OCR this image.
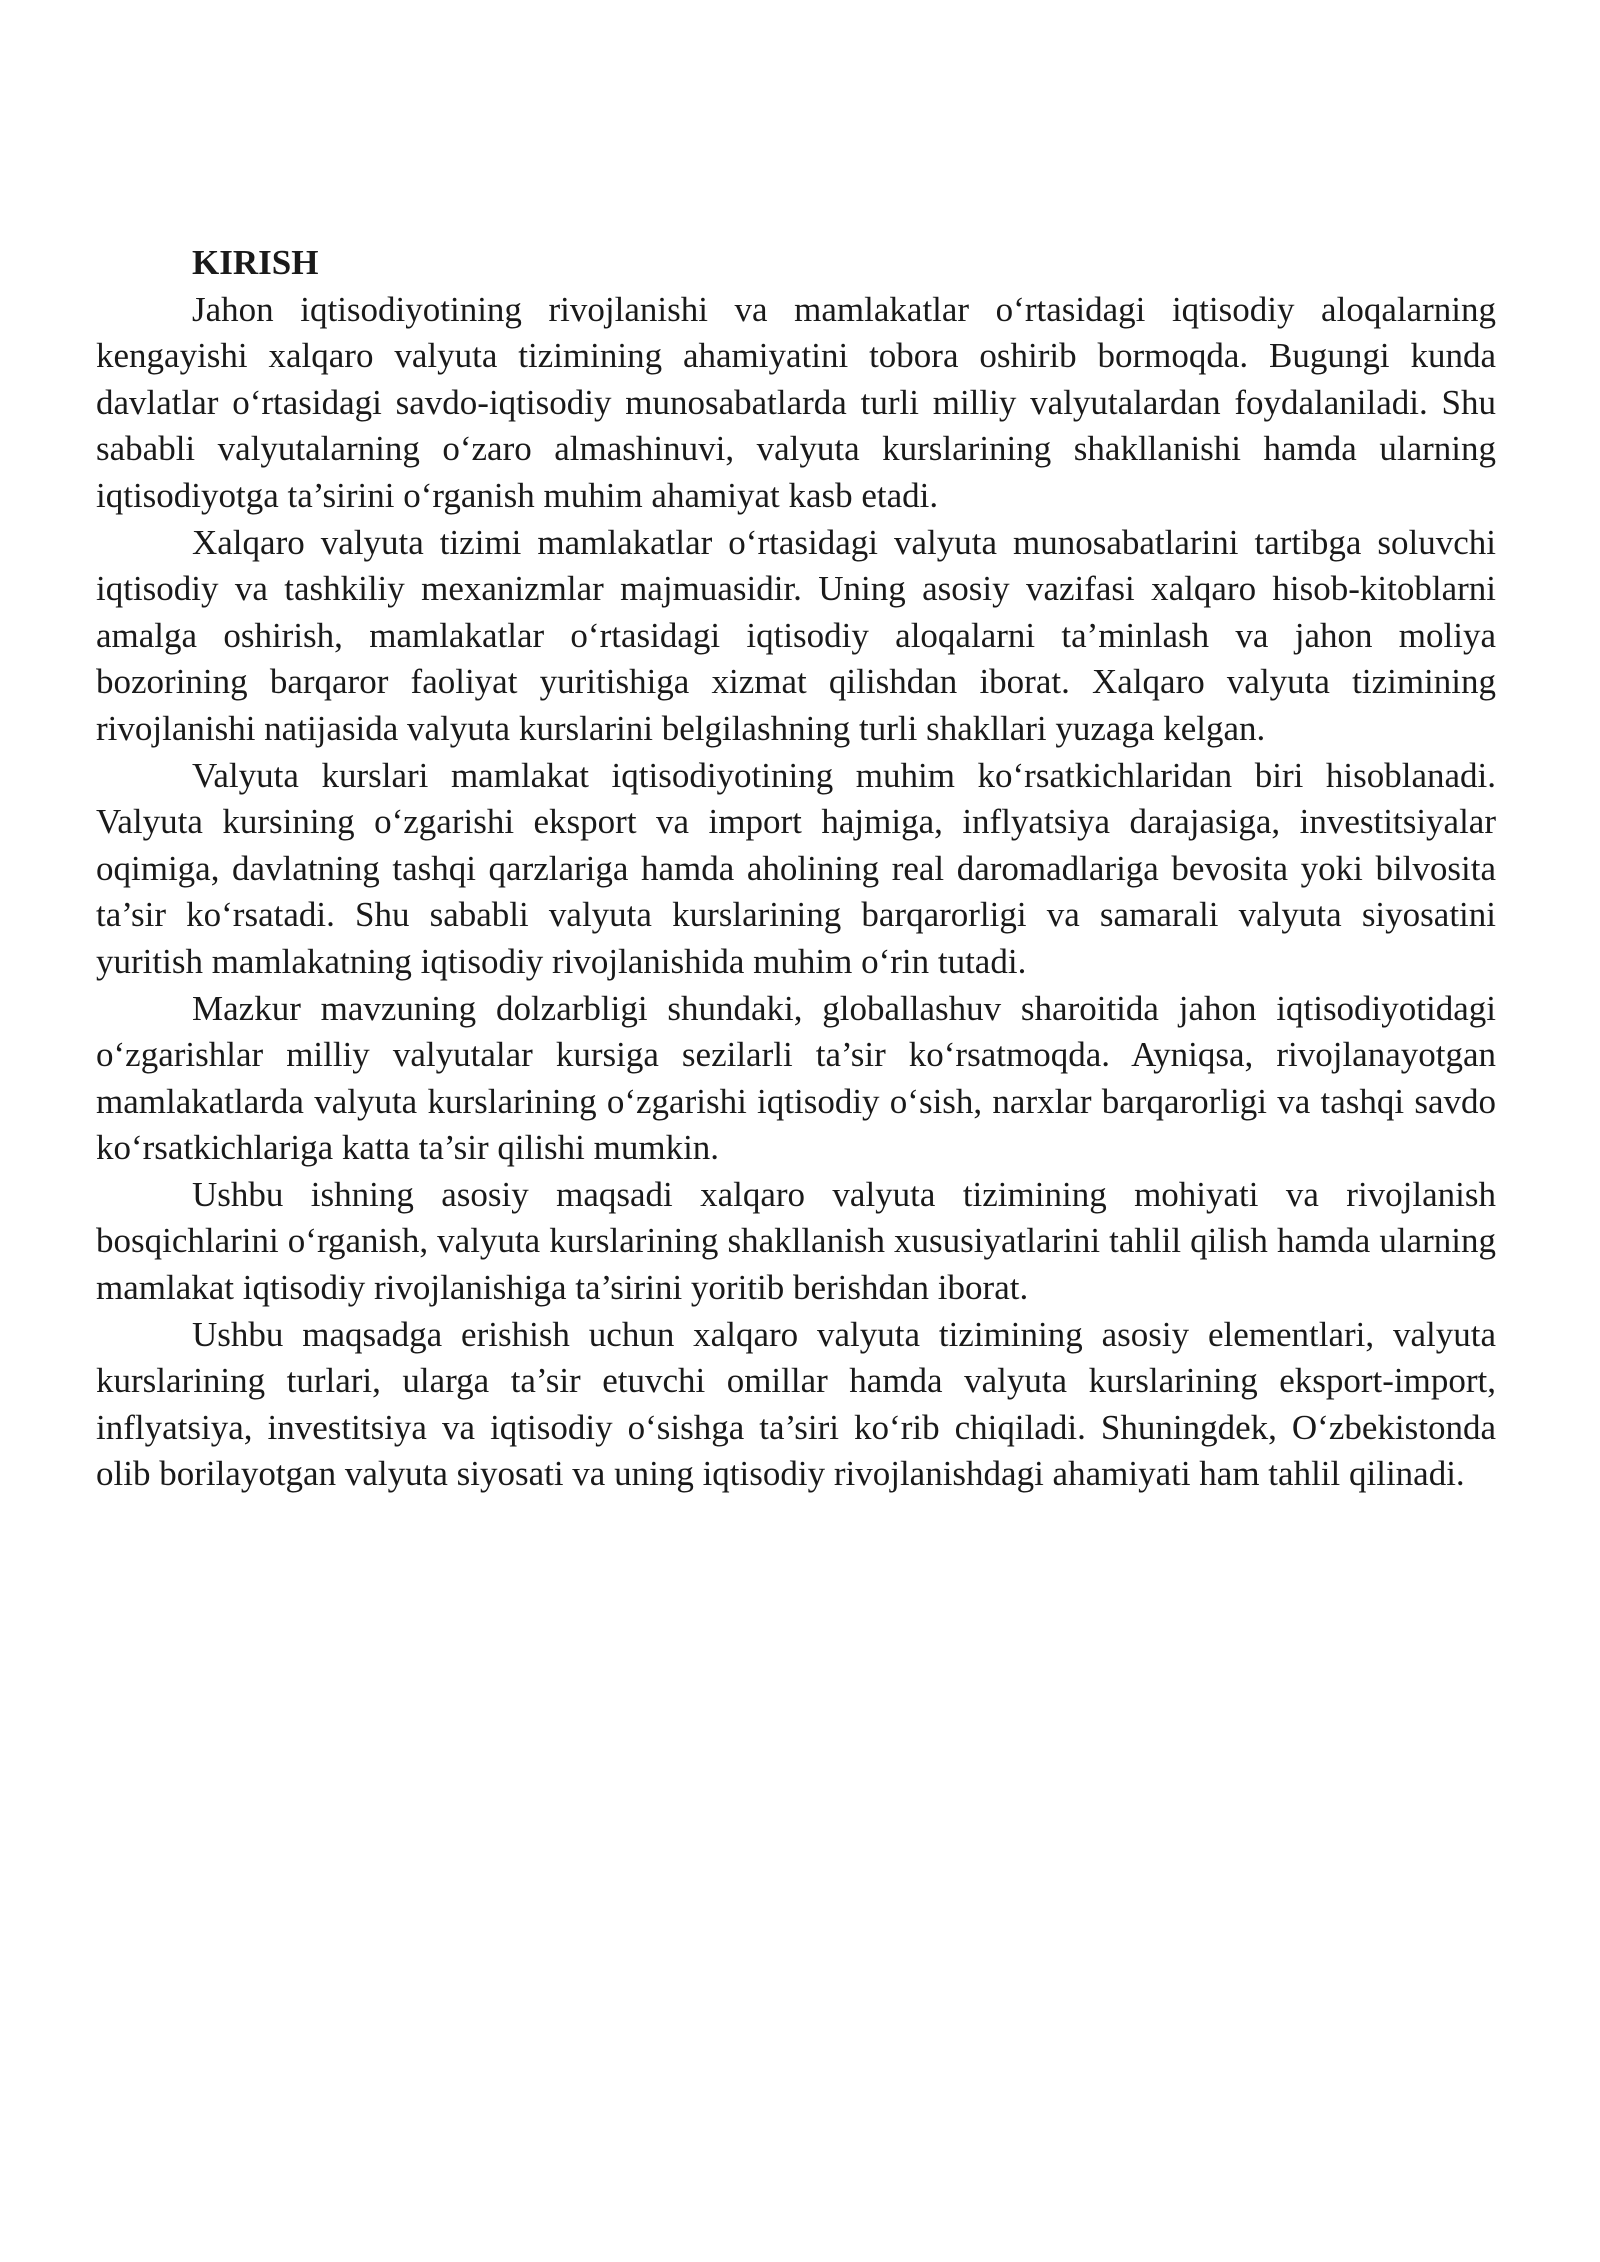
KIRISH

Jahon iqtisodiyotining rivojlanishi va mamlakatlar o‘rtasidagi iqtisodiy aloqalarning kengayishi xalqaro valyuta tizimining ahamiyatini tobora oshirib bormoqda. Bugungi kunda davlatlar o‘rtasidagi savdo-iqtisodiy munosabatlarda turli milliy valyutalardan foydalaniladi. Shu sababli valyutalarning o‘zaro almashinuvi, valyuta kurslarining shakllanishi hamda ularning iqtisodiyotga ta’sirini o‘rganish muhim ahamiyat kasb etadi.

Xalqaro valyuta tizimi mamlakatlar o‘rtasidagi valyuta munosabatlarini tartibga soluvchi iqtisodiy va tashkiliy mexanizmlar majmuasidir. Uning asosiy vazifasi xalqaro hisob-kitoblarni amalga oshirish, mamlakatlar o‘rtasidagi iqtisodiy aloqalarni ta’minlash va jahon moliya bozorining barqaror faoliyat yuritishiga xizmat qilishdan iborat. Xalqaro valyuta tizimining rivojlanishi natijasida valyuta kurslarini belgilashning turli shakllari yuzaga kelgan.

Valyuta kurslari mamlakat iqtisodiyotining muhim ko‘rsatkichlaridan biri hisoblanadi. Valyuta kursining o‘zgarishi eksport va import hajmiga, inflyatsiya darajasiga, investitsiyalar oqimiga, davlatning tashqi qarzlariga hamda aholining real daromadlariga bevosita yoki bilvosita ta’sir ko‘rsatadi. Shu sababli valyuta kurslarining barqarorligi va samarali valyuta siyosatini yuritish mamlakatning iqtisodiy rivojlanishida muhim o‘rin tutadi.

Mazkur mavzuning dolzarbligi shundaki, globallashuv sharoitida jahon iqtisodiyotidagi o‘zgarishlar milliy valyutalar kursiga sezilarli ta’sir ko‘rsatmoqda. Ayniqsa, rivojlanayotgan mamlakatlarda valyuta kurslarining o‘zgarishi iqtisodiy o‘sish, narxlar barqarorligi va tashqi savdo ko‘rsatkichlariga katta ta’sir qilishi mumkin.

Ushbu ishning asosiy maqsadi xalqaro valyuta tizimining mohiyati va rivojlanish bosqichlarini o‘rganish, valyuta kurslarining shakllanish xususiyatlarini tahlil qilish hamda ularning mamlakat iqtisodiy rivojlanishiga ta’sirini yoritib berishdan iborat.

Ushbu maqsadga erishish uchun xalqaro valyuta tizimining asosiy elementlari, valyuta kurslarining turlari, ularga ta’sir etuvchi omillar hamda valyuta kurslarining eksport-import, inflyatsiya, investitsiya va iqtisodiy o‘sishga ta’siri ko‘rib chiqiladi. Shuningdek, O‘zbekistonda olib borilayotgan valyuta siyosati va uning iqtisodiy rivojlanishdagi ahamiyati ham tahlil qilinadi.
